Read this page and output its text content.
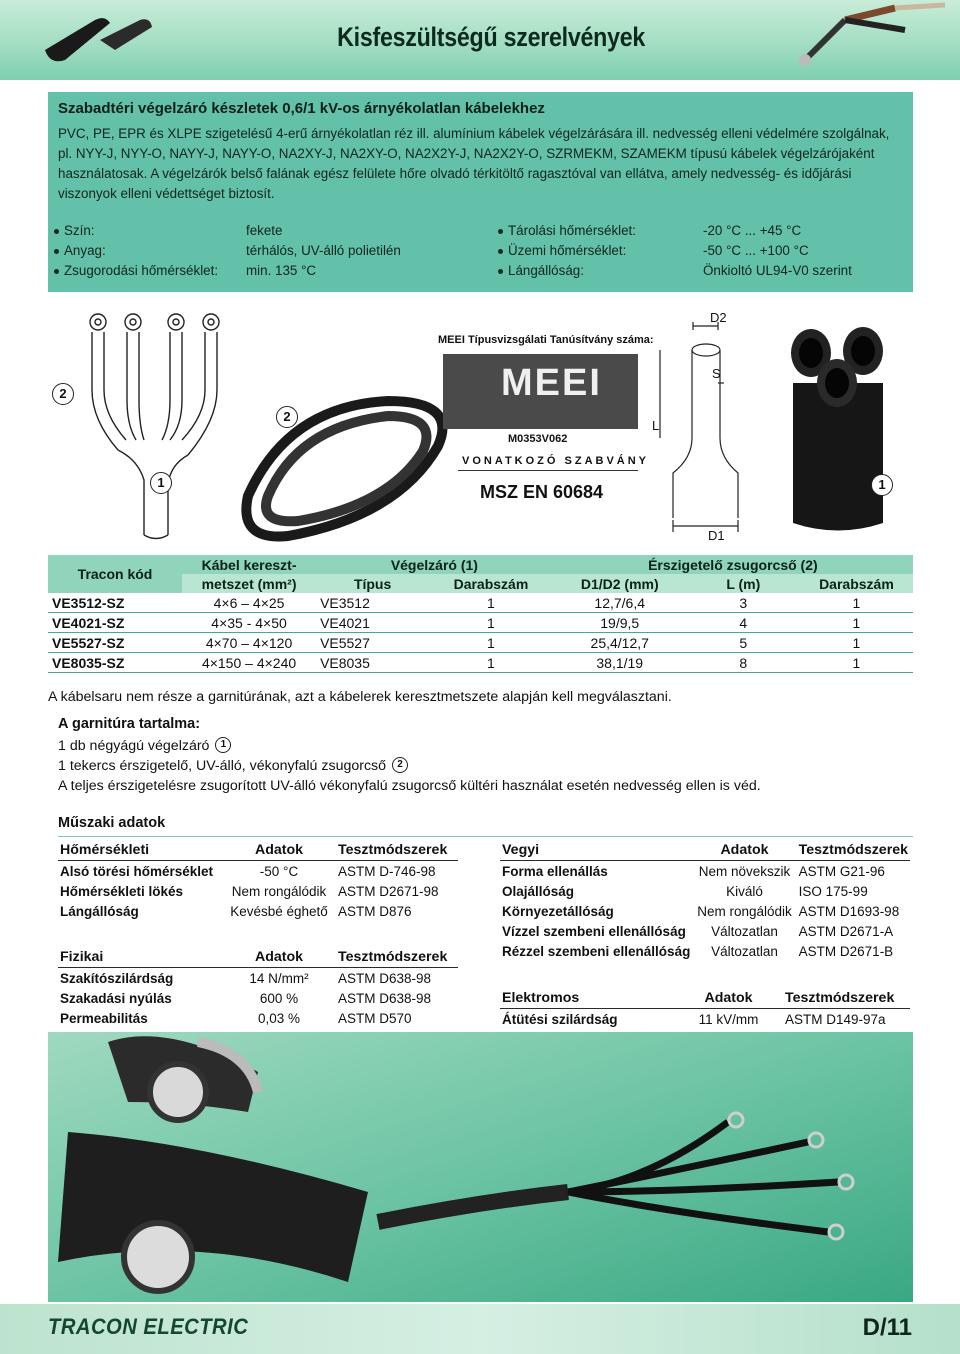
Kisfeszültségű szerelvények
Szabadtéri végelzáró készletek 0,6/1 kV-os árnyékolatlan kábelekhez
PVC, PE, EPR és XLPE szigetelésű 4-erű árnyékolatlan réz ill. alumínium kábelek végelzárására ill. nedvesség elleni védelmére szolgálnak, pl. NYY-J, NYY-O, NAYY-J, NAYY-O, NA2XY-J, NA2XY-O, NA2X2Y-J, NA2X2Y-O, SZRMEKM, SZAMEKM típusú kábelek végelzárójaként használatosak. A végelzárók belső falának egész felülete hőre olvadó térkitöltő ragasztóval van ellátva, amely nedvesség- és időjárási viszonyok elleni védettséget biztosít.
Szín:	fekete
Anyag:	térhálós, UV-álló polietilén
Zsugorodási hőmérséklet: min. 135 °C
Tárolási hőmérséklet:	-20 °C ... +45 °C
Üzemi hőmérséklet:	-50 °C ... +100 °C
Lángállóság:	Önkioltó UL94-V0 szerint
2
1
2
MEEI Típusvizsgálati Tanúsítvány száma:
MEEI
M0353V062
VONATKOZÓ SZABVÁNY
MSZ EN 60684
D2
S
L
D1
1
Tracon kód	Kábel kereszt-	Végelzáró (1)		Érszigetelő zsugorcső (2)		
	metszet (mm²)	Típus	Darabszám	D1/D2 (mm)	L (m)	Darabszám
VE3512-SZ	4×6 – 4×25	VE3512	1	12,7/6,4	3	1
VE4021-SZ	4×35 - 4×50	VE4021	1	19/9,5	4	1
VE5527-SZ	4×70 – 4×120	VE5527	1	25,4/12,7	5	1
VE8035-SZ	4×150 – 4×240	VE8035	1	38,1/19	8	1
A kábelsaru nem része a garnitúrának, azt a kábelerek keresztmetszete alapján kell megválasztani.
A garnitúra tartalma:
1 db négyágú végelzáró 1
1 tekercs érszigetelő, UV-álló, vékonyfalú zsugorcső 2
A teljes érszigetelésre zsugorított UV-álló vékonyfalú zsugorcső kültéri használat esetén nedvesség ellen is véd.
Műszaki adatok
Hőmérsékleti	Adatok	Tesztmódszerek
Alsó törési hőmérséklet	-50 °C	ASTM D-746-98
Hőmérsékleti lökés	Nem rongálódik	ASTM D2671-98
Lángállóság	Kevésbé éghető	ASTM D876
Fizikai	Adatok	Tesztmódszerek
Szakítószilárdság	14 N/mm²	ASTM D638-98
Szakadási nyúlás	600 %	ASTM D638-98
Permeabilitás	0,03 %	ASTM D570
Vegyi	Adatok	Tesztmódszerek
Forma ellenállás	Nem növekszik	ASTM G21-96
Olajállóság	Kiváló	ISO 175-99
Környezetállóság	Nem rongálódik	ASTM D1693-98
Vízzel szembeni ellenállóság	Változatlan	ASTM D2671-A
Rézzel szembeni ellenállóság	Változatlan	ASTM D2671-B
Elektromos	Adatok	Tesztmódszerek
Átütési szilárdság	11 kV/mm	ASTM D149-97a
TRACON ELECTRIC	D/11
